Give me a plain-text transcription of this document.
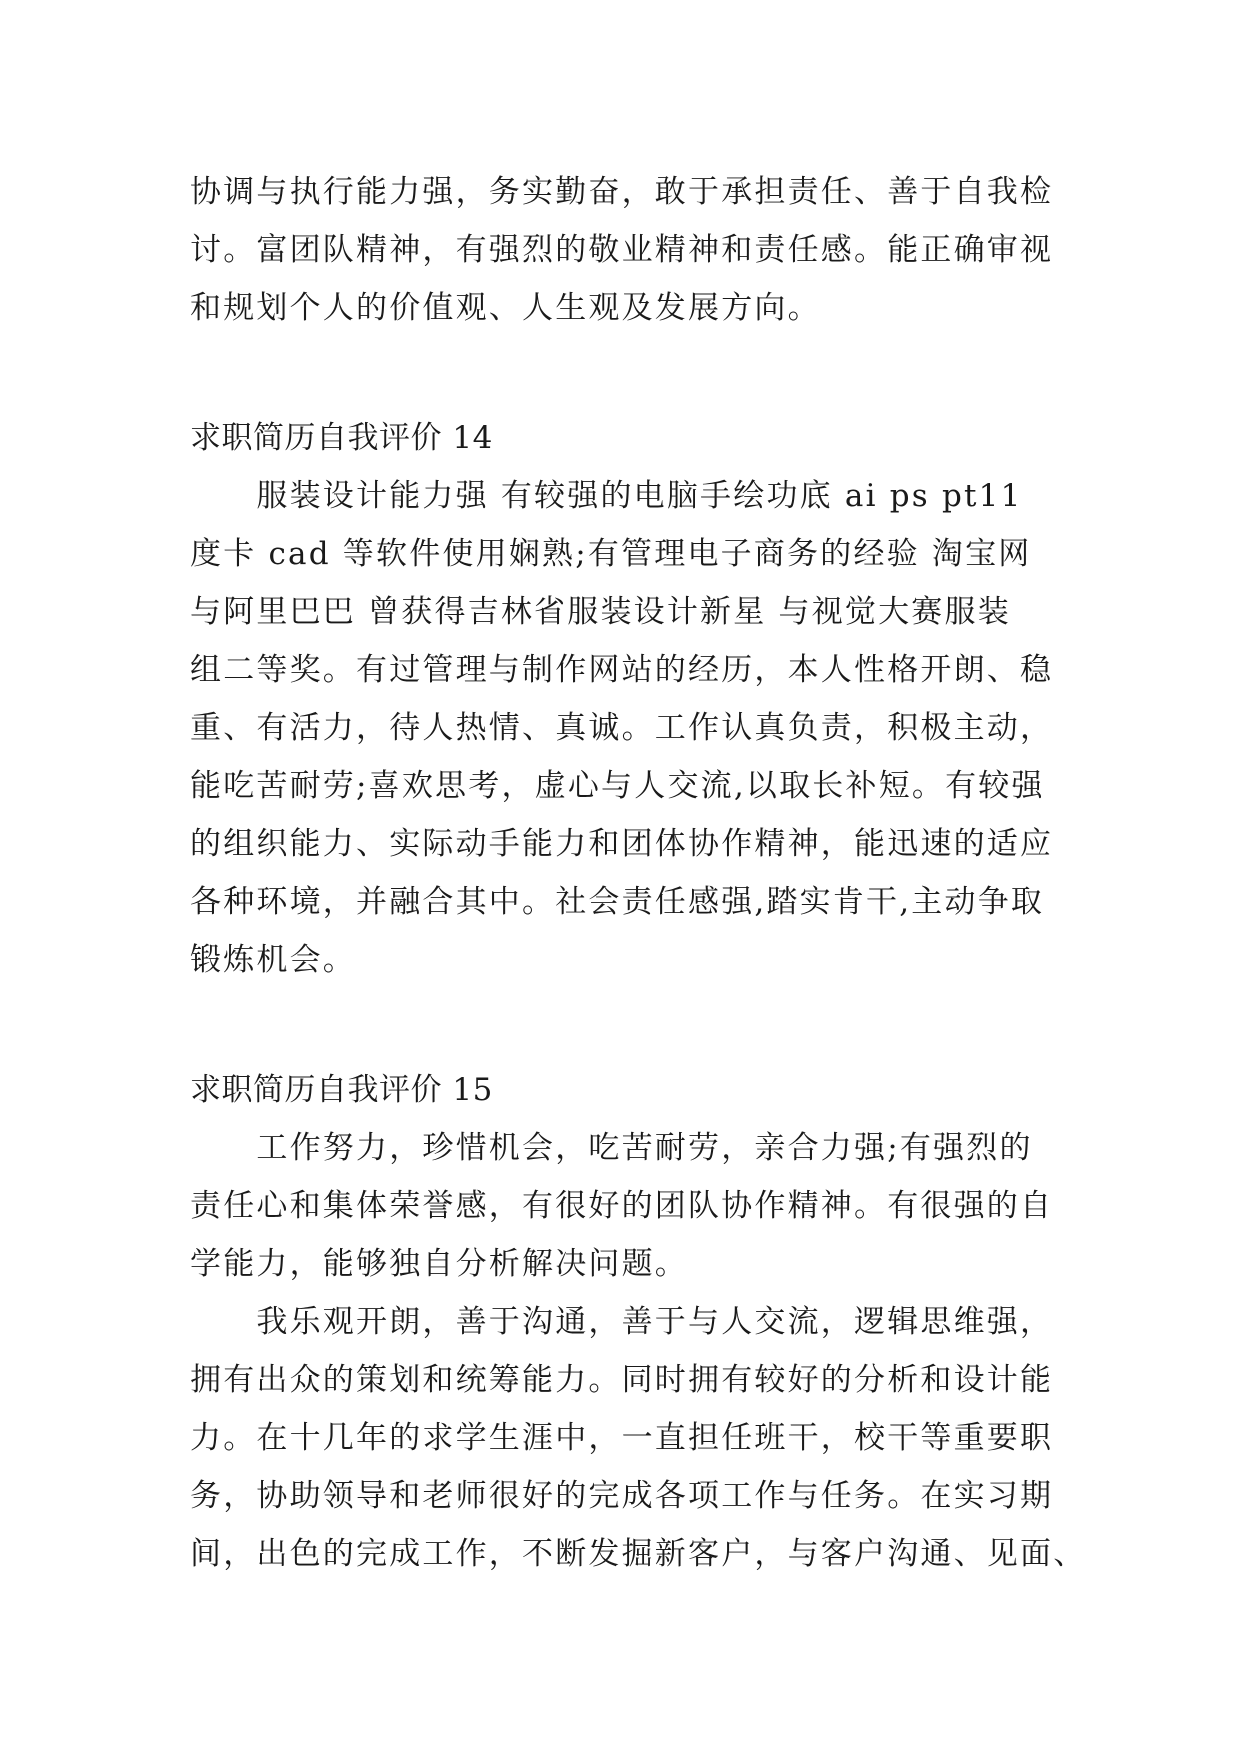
协调与执行能力强，务实勤奋，敢于承担责任、善于自我检
讨。富团队精神，有强烈的敬业精神和责任感。能正确审视
和规划个人的价值观、人生观及发展方向。
求职简历自我评价 14
　　服装设计能力强 有较强的电脑手绘功底 ai ps pt11
度卡 cad 等软件使用娴熟;有管理电子商务的经验 淘宝网
与阿里巴巴 曾获得吉林省服装设计新星 与视觉大赛服装
组二等奖。有过管理与制作网站的经历，本人性格开朗、稳
重、有活力，待人热情、真诚。工作认真负责，积极主动，
能吃苦耐劳;喜欢思考，虚心与人交流,以取长补短。有较强
的组织能力、实际动手能力和团体协作精神，能迅速的适应
各种环境，并融合其中。社会责任感强,踏实肯干,主动争取
锻炼机会。
求职简历自我评价 15
　　工作努力，珍惜机会，吃苦耐劳，亲合力强;有强烈的
责任心和集体荣誉感，有很好的团队协作精神。有很强的自
学能力，能够独自分析解决问题。
　　我乐观开朗，善于沟通，善于与人交流，逻辑思维强，
拥有出众的策划和统筹能力。同时拥有较好的分析和设计能
力。在十几年的求学生涯中，一直担任班干，校干等重要职
务，协助领导和老师很好的完成各项工作与任务。在实习期
间，出色的完成工作，不断发掘新客户，与客户沟通、见面、
